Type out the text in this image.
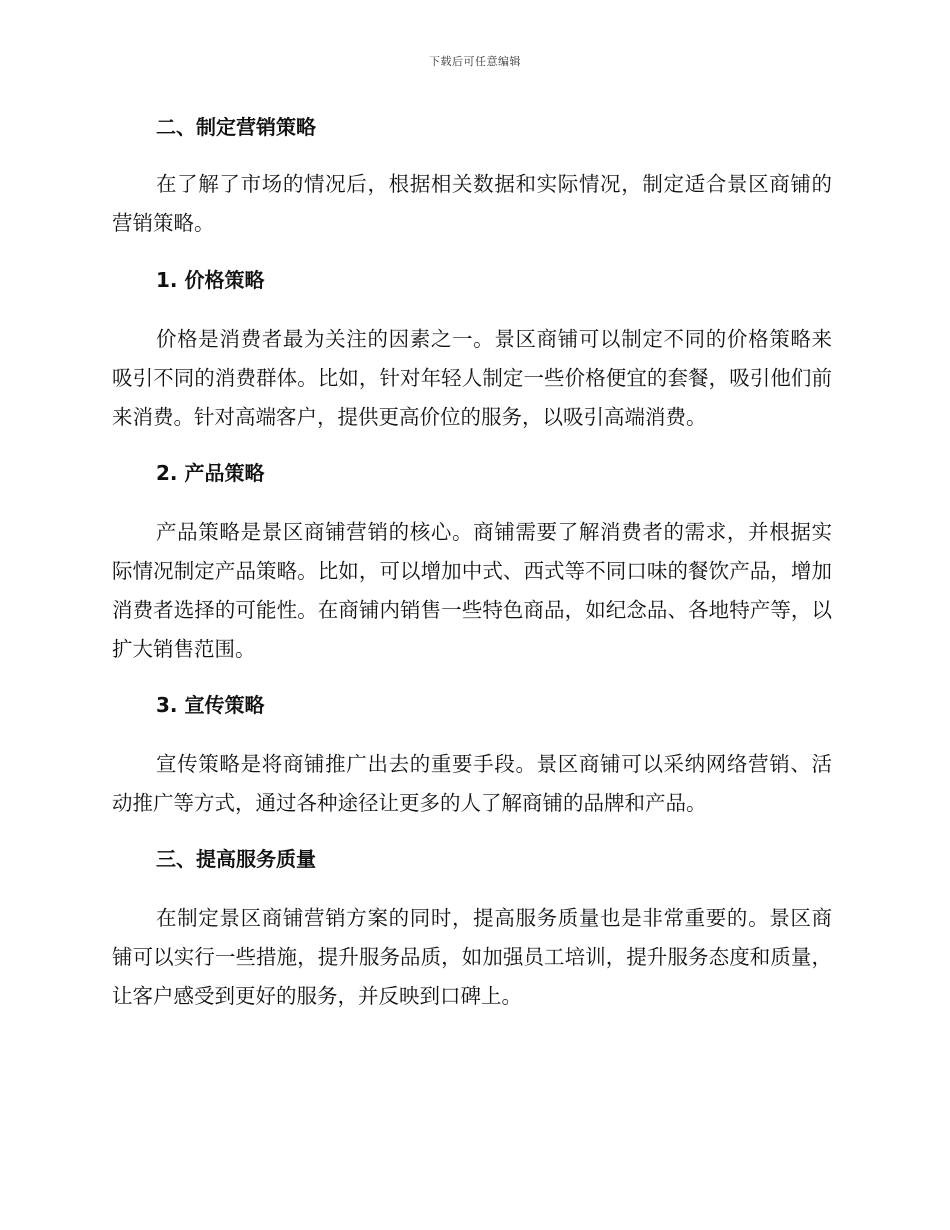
下载后可任意编辑
二、制定营销策略

在了解了市场的情况后，根据相关数据和实际情况，制定适合景区商铺的营销策略。

1. 价格策略

价格是消费者最为关注的因素之一。景区商铺可以制定不同的价格策略来吸引不同的消费群体。比如，针对年轻人制定一些价格便宜的套餐，吸引他们前来消费。针对高端客户，提供更高价位的服务，以吸引高端消费。

2. 产品策略

产品策略是景区商铺营销的核心。商铺需要了解消费者的需求，并根据实际情况制定产品策略。比如，可以增加中式、西式等不同口味的餐饮产品，增加消费者选择的可能性。在商铺内销售一些特色商品，如纪念品、各地特产等，以扩大销售范围。

3. 宣传策略

宣传策略是将商铺推广出去的重要手段。景区商铺可以采纳网络营销、活动推广等方式，通过各种途径让更多的人了解商铺的品牌和产品。

三、提高服务质量

在制定景区商铺营销方案的同时，提高服务质量也是非常重要的。景区商铺可以实行一些措施，提升服务品质，如加强员工培训，提升服务态度和质量，让客户感受到更好的服务，并反映到口碑上。
